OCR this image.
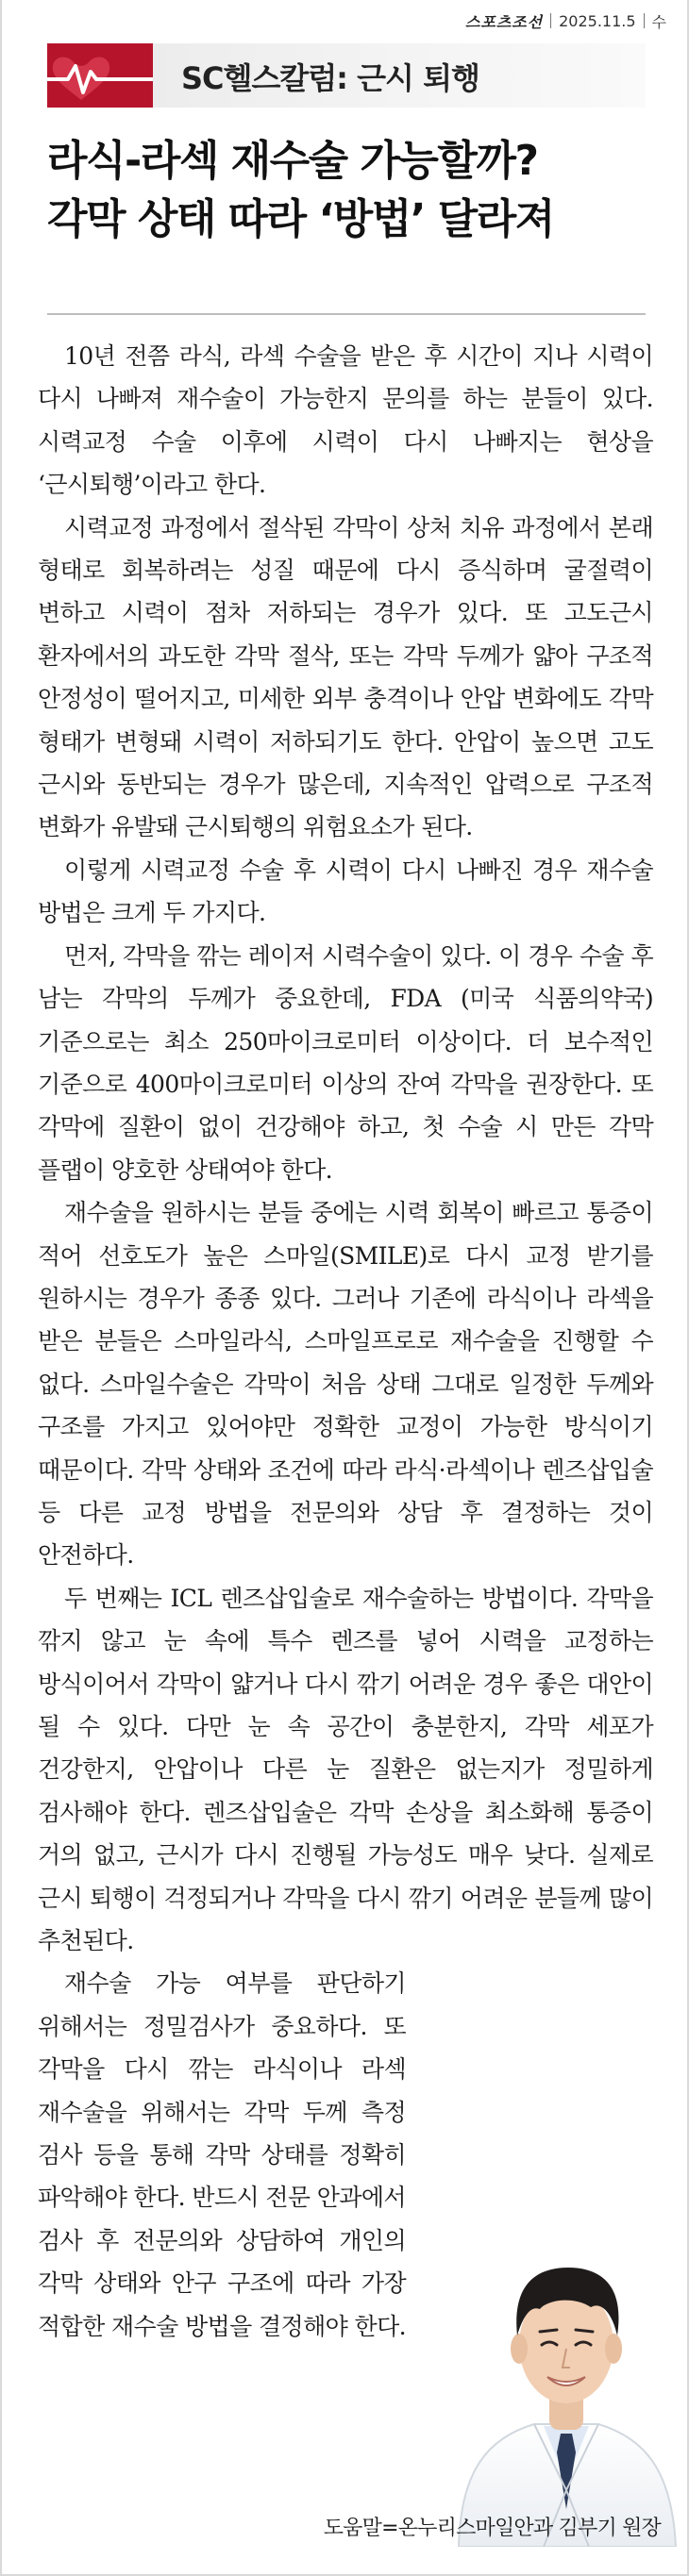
스포츠조선 2025.11.5 수
SC헬스칼럼: 근시 퇴행
라식-라섹 재수술 가능할까?
각막 상태 따라 ‘방법’ 달라져

10년 전쯤 라식, 라섹 수술을 받은 후 시간이 지나 시력이 다시 나빠져 재수술이 가능한지 문의를 하는 분들이 있다. 시력교정 수술 이후에 시력이 다시 나빠지는 현상을 ‘근시퇴행’이라고 한다.

시력교정 과정에서 절삭된 각막이 상처 치유 과정에서 본래 형태로 회복하려는 성질 때문에 다시 증식하며 굴절력이 변하고 시력이 점차 저하되는 경우가 있다. 또 고도근시 환자에서의 과도한 각막 절삭, 또는 각막 두께가 얇아 구조적 안정성이 떨어지고, 미세한 외부 충격이나 안압 변화에도 각막 형태가 변형돼 시력이 저하되기도 한다. 안압이 높으면 고도 근시와 동반되는 경우가 많은데, 지속적인 압력으로 구조적 변화가 유발돼 근시퇴행의 위험요소가 된다.

이렇게 시력교정 수술 후 시력이 다시 나빠진 경우 재수술 방법은 크게 두 가지다.

먼저, 각막을 깎는 레이저 시력수술이 있다. 이 경우 수술 후 남는 각막의 두께가 중요한데, FDA (미국 식품의약국) 기준으로는 최소 250마이크로미터 이상이다. 더 보수적인 기준으로 400마이크로미터 이상의 잔여 각막을 권장한다. 또 각막에 질환이 없이 건강해야 하고, 첫 수술 시 만든 각막 플랩이 양호한 상태여야 한다.

재수술을 원하시는 분들 중에는 시력 회복이 빠르고 통증이 적어 선호도가 높은 스마일(SMILE)로 다시 교정 받기를 원하시는 경우가 종종 있다. 그러나 기존에 라식이나 라섹을 받은 분들은 스마일라식, 스마일프로로 재수술을 진행할 수 없다. 스마일수술은 각막이 처음 상태 그대로 일정한 두께와 구조를 가지고 있어야만 정확한 교정이 가능한 방식이기 때문이다. 각막 상태와 조건에 따라 라식·라섹이나 렌즈삽입술 등 다른 교정 방법을 전문의와 상담 후 결정하는 것이 안전하다.

두 번째는 ICL 렌즈삽입술로 재수술하는 방법이다. 각막을 깎지 않고 눈 속에 특수 렌즈를 넣어 시력을 교정하는 방식이어서 각막이 얇거나 다시 깎기 어려운 경우 좋은 대안이 될 수 있다. 다만 눈 속 공간이 충분한지, 각막 세포가 건강한지, 안압이나 다른 눈 질환은 없는지가 정밀하게 검사해야 한다. 렌즈삽입술은 각막 손상을 최소화해 통증이 거의 없고, 근시가 다시 진행될 가능성도 매우 낮다. 실제로 근시 퇴행이 걱정되거나 각막을 다시 깎기 어려운 분들께 많이 추천된다.

재수술 가능 여부를 판단하기 위해서는 정밀검사가 중요하다. 또 각막을 다시 깎는 라식이나 라섹 재수술을 위해서는 각막 두께 측정 검사 등을 통해 각막 상태를 정확히 파악해야 한다. 반드시 전문 안과에서 검사 후 전문의와 상담하여 개인의 각막 상태와 안구 구조에 따라 가장 적합한 재수술 방법을 결정해야 한다.

도움말=온누리스마일안과 김부기 원장
